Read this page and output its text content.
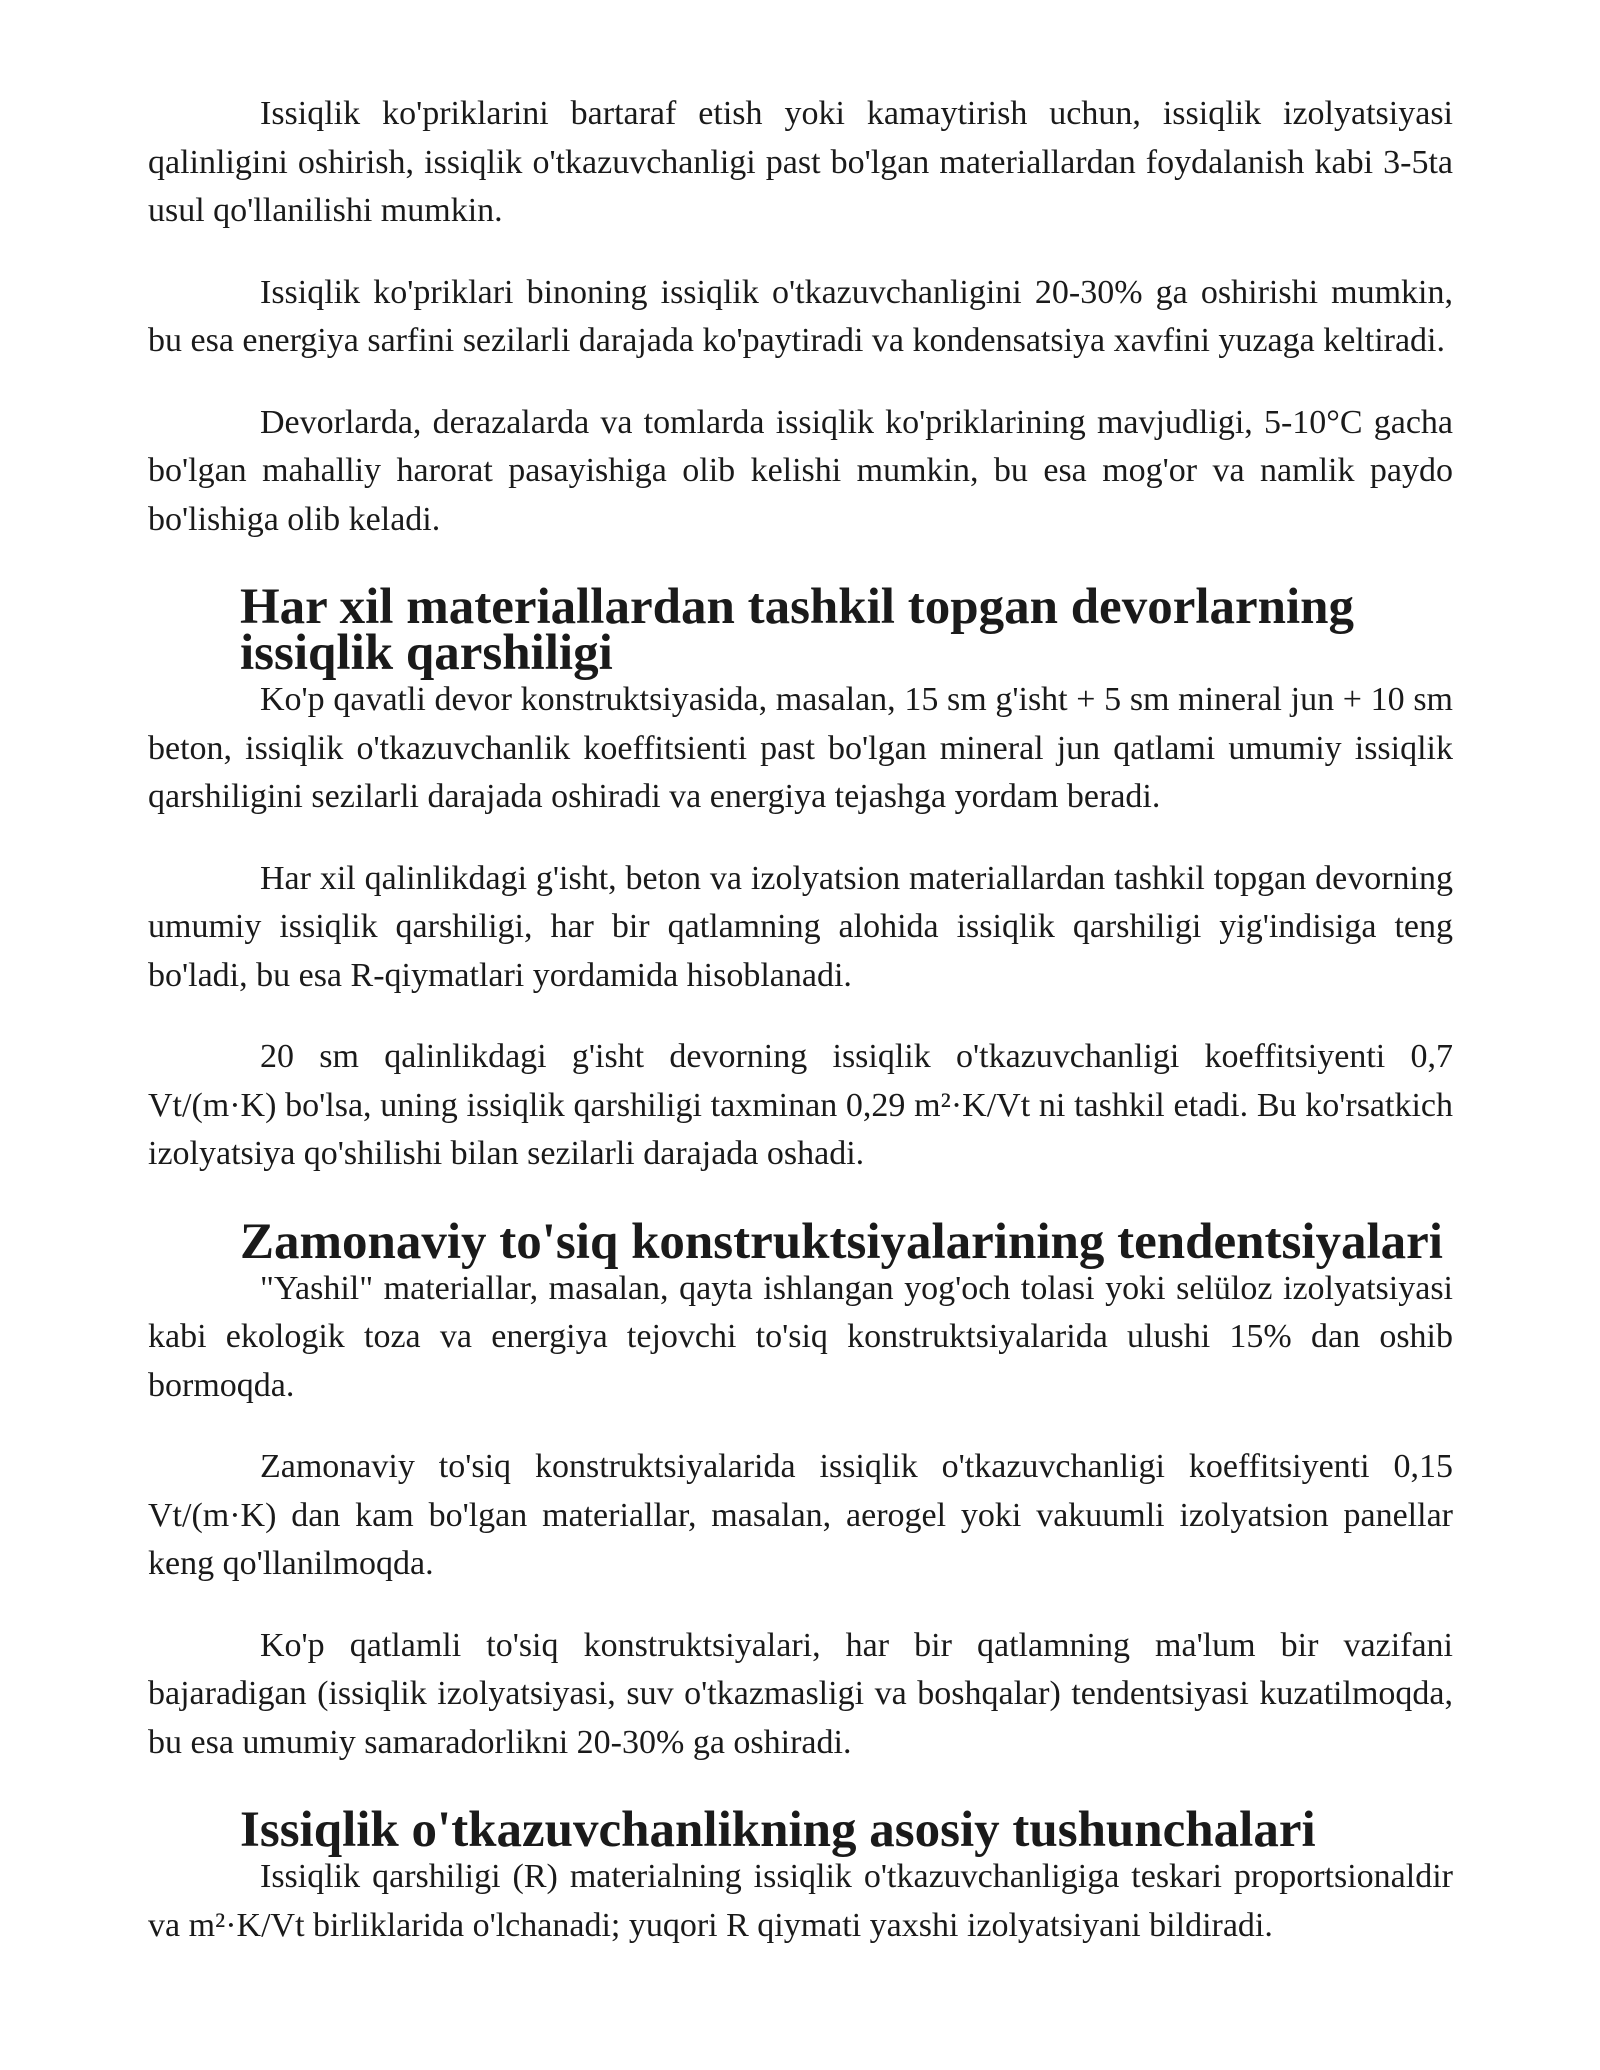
Issiqlik ko'priklarini bartaraf etish yoki kamaytirish uchun, issiqlik izolyatsiyasi qalinligini oshirish, issiqlik o'tkazuvchanligi past bo'lgan materiallardan foydalanish kabi 3-5ta usul qo'llanilishi mumkin.

Issiqlik ko'priklari binoning issiqlik o'tkazuvchanligini 20-30% ga oshirishi mumkin, bu esa energiya sarfini sezilarli darajada ko'paytiradi va kondensatsiya xavfini yuzaga keltiradi.

Devorlarda, derazalarda va tomlarda issiqlik ko'priklarining mavjudligi, 5-10°C gacha bo'lgan mahalliy harorat pasayishiga olib kelishi mumkin, bu esa mog'or va namlik paydo bo'lishiga olib keladi.

Har xil materiallardan tashkil topgan devorlarning issiqlik qarshiligi

Ko'p qavatli devor konstruktsiyasida, masalan, 15 sm g'isht + 5 sm mineral jun + 10 sm beton, issiqlik o'tkazuvchanlik koeffitsienti past bo'lgan mineral jun qatlami umumiy issiqlik qarshiligini sezilarli darajada oshiradi va energiya tejashga yordam beradi.

Har xil qalinlikdagi g'isht, beton va izolyatsion materiallardan tashkil topgan devorning umumiy issiqlik qarshiligi, har bir qatlamning alohida issiqlik qarshiligi yig'indisiga teng bo'ladi, bu esa R-qiymatlari yordamida hisoblanadi.

20 sm qalinlikdagi g'isht devorning issiqlik o'tkazuvchanligi koeffitsiyenti 0,7 Vt/(m·K) bo'lsa, uning issiqlik qarshiligi taxminan 0,29 m²·K/Vt ni tashkil etadi. Bu ko'rsatkich izolyatsiya qo'shilishi bilan sezilarli darajada oshadi.

Zamonaviy to'siq konstruktsiyalarining tendentsiyalari

"Yashil" materiallar, masalan, qayta ishlangan yog'och tolasi yoki selüloz izolyatsiyasi kabi ekologik toza va energiya tejovchi to'siq konstruktsiyalarida ulushi 15% dan oshib bormoqda.

Zamonaviy to'siq konstruktsiyalarida issiqlik o'tkazuvchanligi koeffitsiyenti 0,15 Vt/(m·K) dan kam bo'lgan materiallar, masalan, aerogel yoki vakuumli izolyatsion panellar keng qo'llanilmoqda.

Ko'p qatlamli to'siq konstruktsiyalari, har bir qatlamning ma'lum bir vazifani bajaradigan (issiqlik izolyatsiyasi, suv o'tkazmasligi va boshqalar) tendentsiyasi kuzatilmoqda, bu esa umumiy samaradorlikni 20-30% ga oshiradi.

Issiqlik o'tkazuvchanlikning asosiy tushunchalari

Issiqlik qarshiligi (R) materialning issiqlik o'tkazuvchanligiga teskari proportsionaldir va m²·K/Vt birliklarida o'lchanadi; yuqori R qiymati yaxshi izolyatsiyani bildiradi.
